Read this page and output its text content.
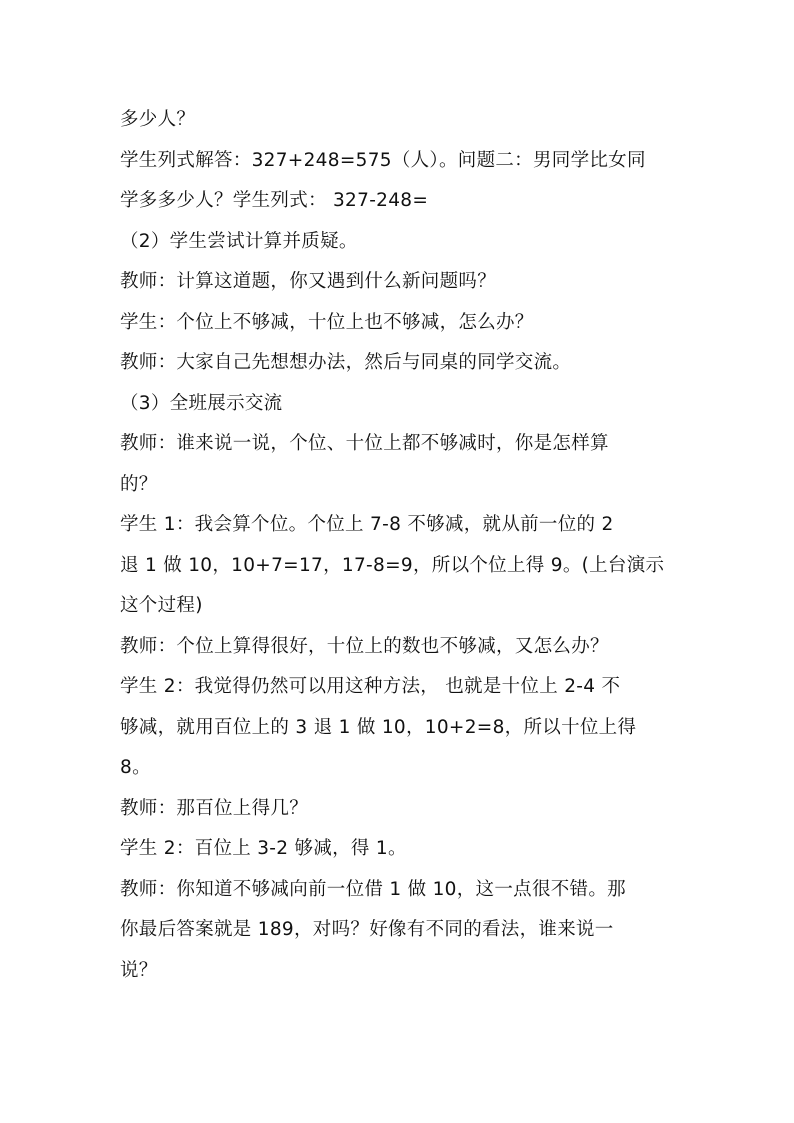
多少人？

学生列式解答：327+248=575（人）。问题二：男同学比女同

学多多少人？学生列式： 327-248=

（2）学生尝试计算并质疑。

教师：计算这道题，你又遇到什么新问题吗？

学生：个位上不够减，十位上也不够减，怎么办？

教师：大家自己先想想办法，然后与同桌的同学交流。

（3）全班展示交流

教师：谁来说一说，个位、十位上都不够减时，你是怎样算

的？

学生 1：我会算个位。个位上 7-8 不够减，就从前一位的 2

退 1 做 10，10+7=17，17-8=9，所以个位上得 9。(上台演示

这个过程)

教师：个位上算得很好，十位上的数也不够减，又怎么办？

学生 2：我觉得仍然可以用这种方法， 也就是十位上 2-4 不

够减，就用百位上的 3 退 1 做 10，10+2=8，所以十位上得

8。

教师：那百位上得几？

学生 2：百位上 3-2 够减，得 1。

教师：你知道不够减向前一位借 1 做 10，这一点很不错。那

你最后答案就是 189，对吗？好像有不同的看法，谁来说一

说？
